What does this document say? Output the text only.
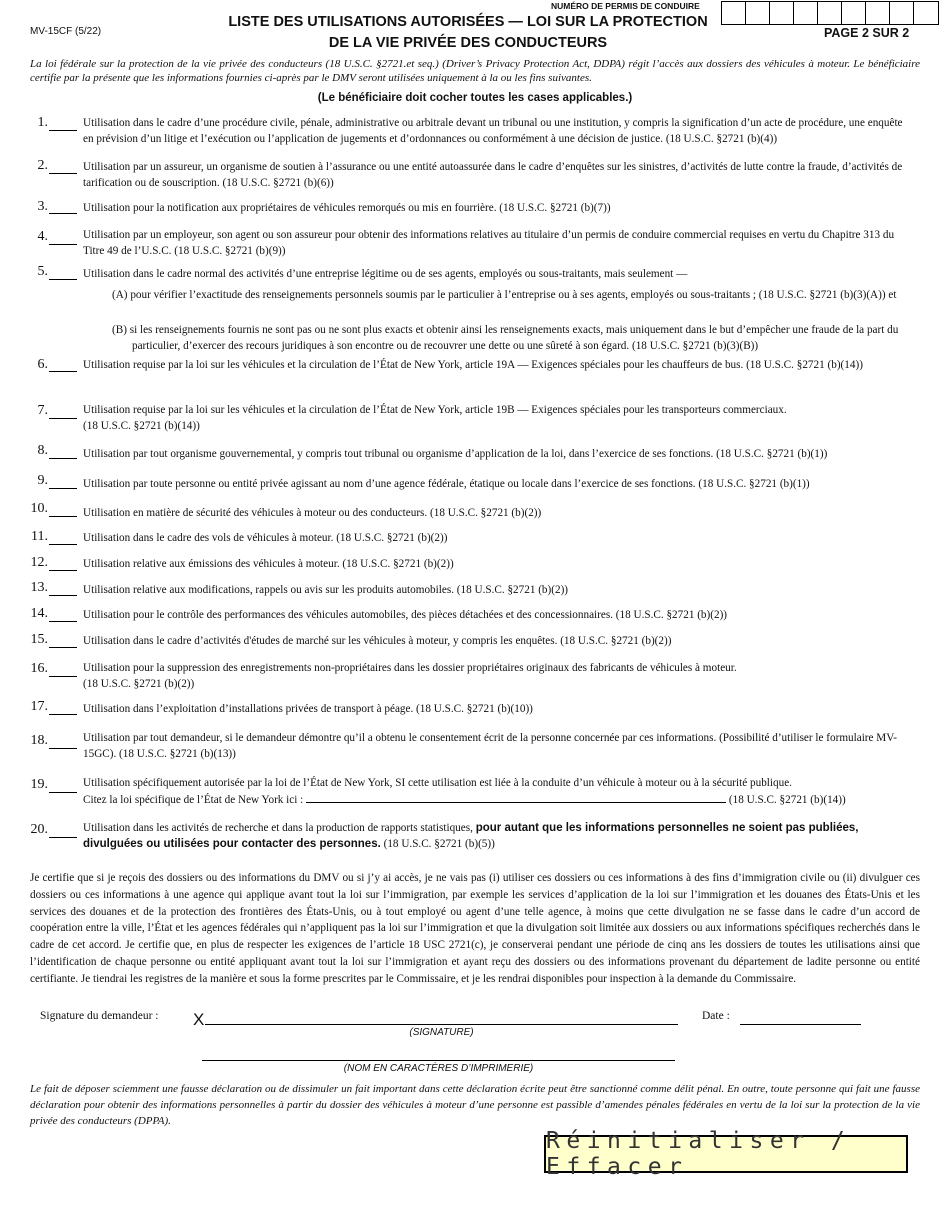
MV-15CF (5/22)
NUMÉRO DE PERMIS DE CONDUIRE
LISTE DES UTILISATIONS AUTORISÉES — LOI SUR LA PROTECTION
DE LA VIE PRIVÉE DES CONDUCTEURS
PAGE 2 SUR 2
La loi fédérale sur la protection de la vie privée des conducteurs (18 U.S.C. §2721.et seq.) (Driver’s Privacy Protection Act, DDPA) régit l’accès aux dossiers des véhicules à moteur. Le bénéficiaire certifie par la présente que les informations fournies ci-après par le DMV seront utilisées uniquement à la ou les fins suivantes.
(Le bénéficiaire doit cocher toutes les cases applicables.)
1.	Utilisation dans le cadre d’une procédure civile, pénale, administrative ou arbitrale devant un tribunal ou une institution, y compris la signification d’un acte de procédure, une enquête en prévision d’un litige et l’exécution ou l’application de jugements et d’ordonnances ou conformément à une décision de justice. (18 U.S.C. §2721 (b)(4))
2.	Utilisation par un assureur, un organisme de soutien à l’assurance ou une entité autoassurée dans le cadre d’enquêtes sur les sinistres, d’activités de lutte contre la fraude, d’activités de tarification ou de souscription. (18 U.S.C. §2721 (b)(6))
3.	Utilisation pour la notification aux propriétaires de véhicules remorqués ou mis en fourrière. (18 U.S.C. §2721 (b)(7))
4.	Utilisation par un employeur, son agent ou son assureur pour obtenir des informations relatives au titulaire d’un permis de conduire commercial requises en vertu du Chapitre 313 du Titre 49 de l’U.S.C. (18 U.S.C. §2721 (b)(9))
5.	Utilisation dans le cadre normal des activités d’une entreprise légitime ou de ses agents, employés ou sous-traitants, mais seulement —
(A) pour vérifier l’exactitude des renseignements personnels soumis par le particulier à l’entreprise ou à ses agents, employés ou sous-traitants ; (18 U.S.C. §2721 (b)(3)(A)) et
(B) si les renseignements fournis ne sont pas ou ne sont plus exacts et obtenir ainsi les renseignements exacts, mais uniquement dans le but d’empêcher une fraude de la part du particulier, d’exercer des recours juridiques à son encontre ou de recouvrer une dette ou une sûreté à son égard. (18 U.S.C. §2721 (b)(3)(B))
6.	Utilisation requise par la loi sur les véhicules et la circulation de l’État de New York, article 19A — Exigences spéciales pour les chauffeurs de bus. (18 U.S.C. §2721 (b)(14))
7.	Utilisation requise par la loi sur les véhicules et la circulation de l’État de New York, article 19B — Exigences spéciales pour les transporteurs commerciaux.
(18 U.S.C. §2721 (b)(14))
8.	Utilisation par tout organisme gouvernemental, y compris tout tribunal ou organisme d’application de la loi, dans l’exercice de ses fonctions. (18 U.S.C. §2721 (b)(1))
9.	Utilisation par toute personne ou entité privée agissant au nom d’une agence fédérale, étatique ou locale dans l’exercice de ses fonctions. (18 U.S.C. §2721 (b)(1))
10.	Utilisation en matière de sécurité des véhicules à moteur ou des conducteurs. (18 U.S.C. §2721 (b)(2))
11.	Utilisation dans le cadre des vols de véhicules à moteur. (18 U.S.C. §2721 (b)(2))
12.	Utilisation relative aux émissions des véhicules à moteur. (18 U.S.C. §2721 (b)(2))
13.	Utilisation relative aux modifications, rappels ou avis sur les produits automobiles. (18 U.S.C. §2721 (b)(2))
14.	Utilisation pour le contrôle des performances des véhicules automobiles, des pièces détachées et des concessionnaires. (18 U.S.C. §2721 (b)(2))
15.	Utilisation dans le cadre d’activités d'études de marché sur les véhicules à moteur, y compris les enquêtes. (18 U.S.C. §2721 (b)(2))
16.	Utilisation pour la suppression des enregistrements non-propriétaires dans les dossier propriétaires originaux des fabricants de véhicules à moteur.
(18 U.S.C. §2721 (b)(2))
17.	Utilisation dans l’exploitation d’installations privées de transport à péage. (18 U.S.C. §2721 (b)(10))
18.	Utilisation par tout demandeur, si le demandeur démontre qu’il a obtenu le consentement écrit de la personne concernée par ces informations. (Possibilité d’utiliser le formulaire MV-15GC). (18 U.S.C. §2721 (b)(13))
19.	Utilisation spécifiquement autorisée par la loi de l’État de New York, SI cette utilisation est liée à la conduite d’un véhicule à moteur ou à la sécurité publique.
Citez la loi spécifique de l’État de New York ici :	(18 U.S.C. §2721 (b)(14))
20.	Utilisation dans les activités de recherche et dans la production de rapports statistiques, pour autant que les informations personnelles ne soient pas publiées, divulguées ou utilisées pour contacter des personnes. (18 U.S.C. §2721 (b)(5))
Je certifie que si je reçois des dossiers ou des informations du DMV ou si j’y ai accès, je ne vais pas (i) utiliser ces dossiers ou ces informations à des fins d’immigration civile ou (ii) divulguer ces dossiers ou ces informations à une agence qui applique avant tout la loi sur l’immigration, par exemple les services d’application de la loi sur l’immigration et les douanes des États-Unis et les services des douanes et de la protection des frontières des États-Unis, ou à tout employé ou agent d’une telle agence, à moins que cette divulgation ne se fasse dans le cadre d’un accord de coopération entre la ville, l’État et les agences fédérales qui n’appliquent pas la loi sur l’immigration et que la divulgation soit limitée aux dossiers ou aux informations spécifiques recherchés dans le cadre de cet accord. Je certifie que, en plus de respecter les exigences de l’article 18 USC 2721(c), je conserverai pendant une période de cinq ans les dossiers de toutes les utilisations ainsi que l’identification de chaque personne ou entité appliquant avant tout la loi sur l’immigration et ayant reçu des dossiers ou des informations provenant du département de ladite personne ou entité certifiante. Je tiendrai les registres de la manière et sous la forme prescrites par le Commissaire, et je les rendrai disponibles pour inspection à la demande du Commissaire.
Signature du demandeur : X
(SIGNATURE)
Date :
(NOM EN CARACTÈRES D’IMPRIMERIE)
Le fait de déposer sciemment une fausse déclaration ou de dissimuler un fait important dans cette déclaration écrite peut être sanctionné comme délit pénal. En outre, toute personne qui fait une fausse déclaration pour obtenir des informations personnelles à partir du dossier des véhicules à moteur d’une personne est passible d’amendes pénales fédérales en vertu de la loi sur la protection de la vie privée des conducteurs (DPPA).
Réinitialiser / Effacer
